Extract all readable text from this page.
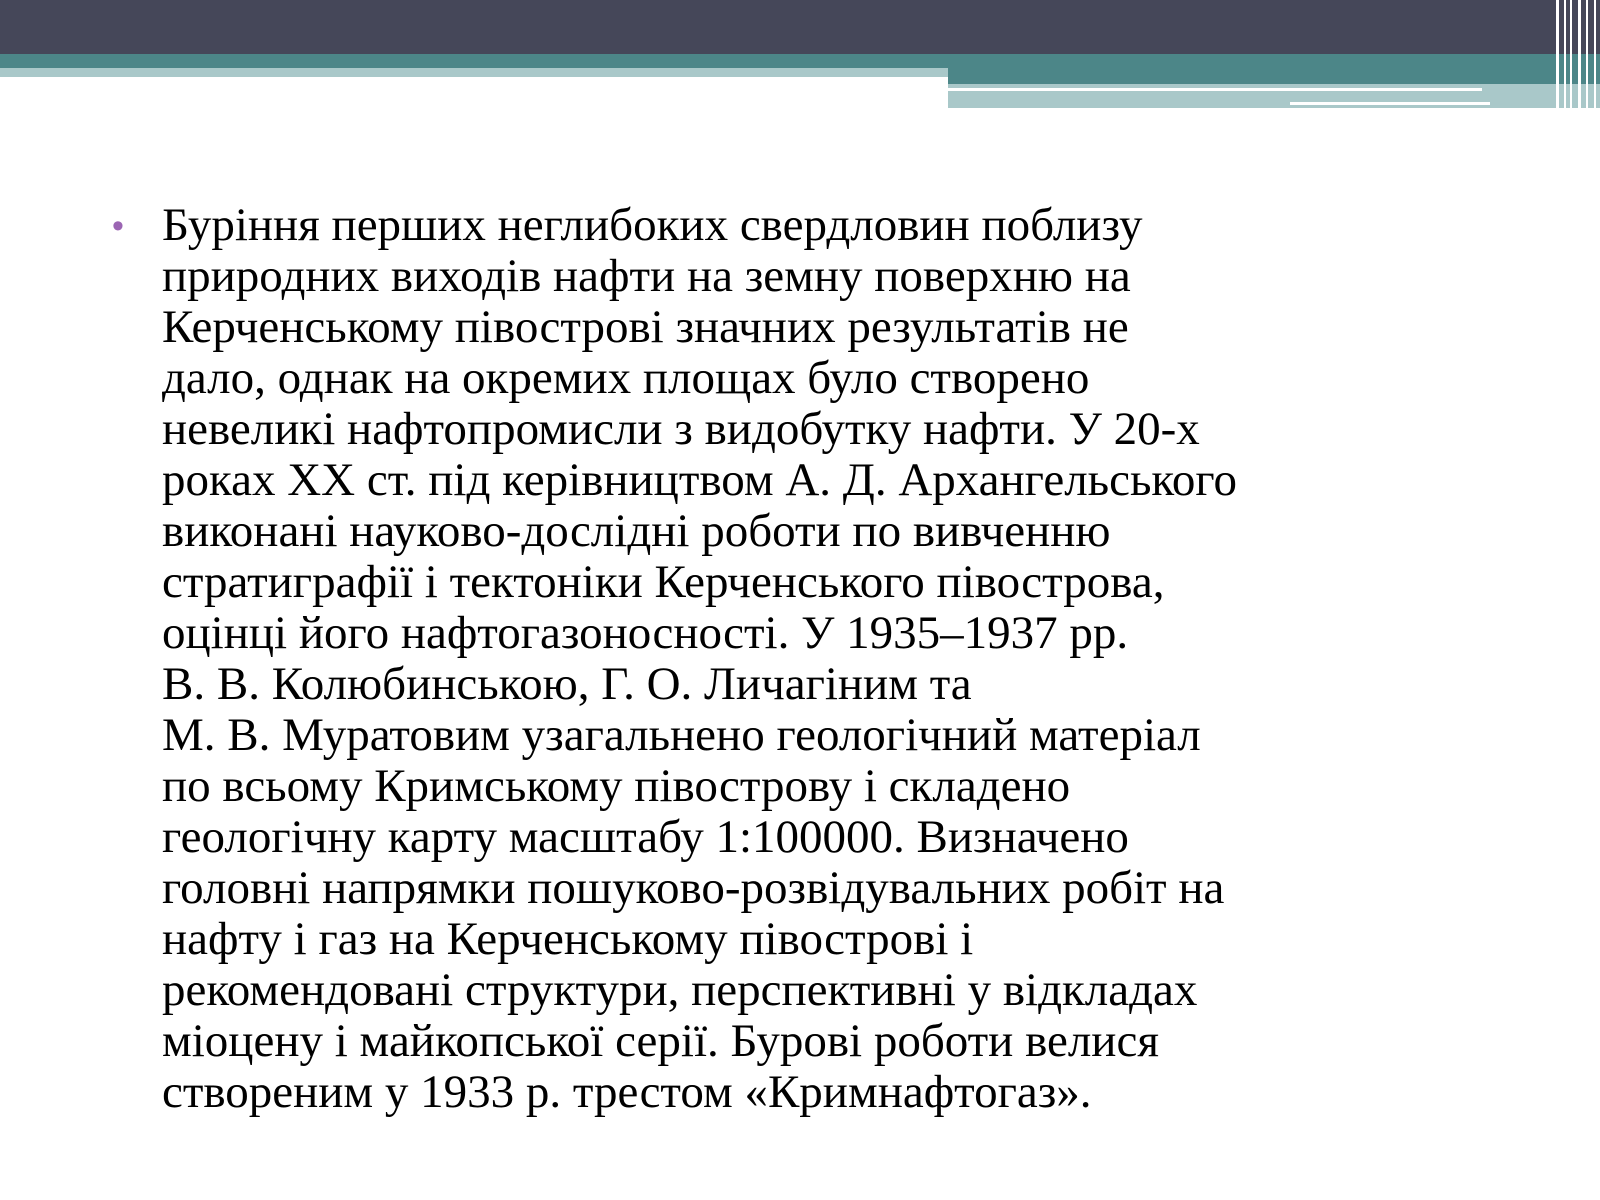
• Буріння перших неглибоких свердловин поблизу
природних виходів нафти на земну поверхню на
Керченському півострові значних результатів не
дало, однак на окремих площах було створено
невеликі нафтопромисли з видобутку нафти. У 20-х
роках XX ст. під керівництвом А. Д. Архангельського
виконані науково-дослідні роботи по вивченню
стратиграфії і тектоніки Керченського півострова,
оцінці його нафтогазоносності. У 1935–1937 рр.
В. В. Колюбинською, Г. О. Личагіним та
М. В. Муратовим узагальнено геологічний матеріал
по всьому Кримському півострову і складено
геологічну карту масштабу 1:100000. Визначено
головні напрямки пошуково-розвідувальних робіт на
нафту і газ на Керченському півострові і
рекомендовані структури, перспективні у відкладах
міоцену і майкопської серії. Бурові роботи велися
створеним у 1933 р. трестом «Кримнафтогаз».
